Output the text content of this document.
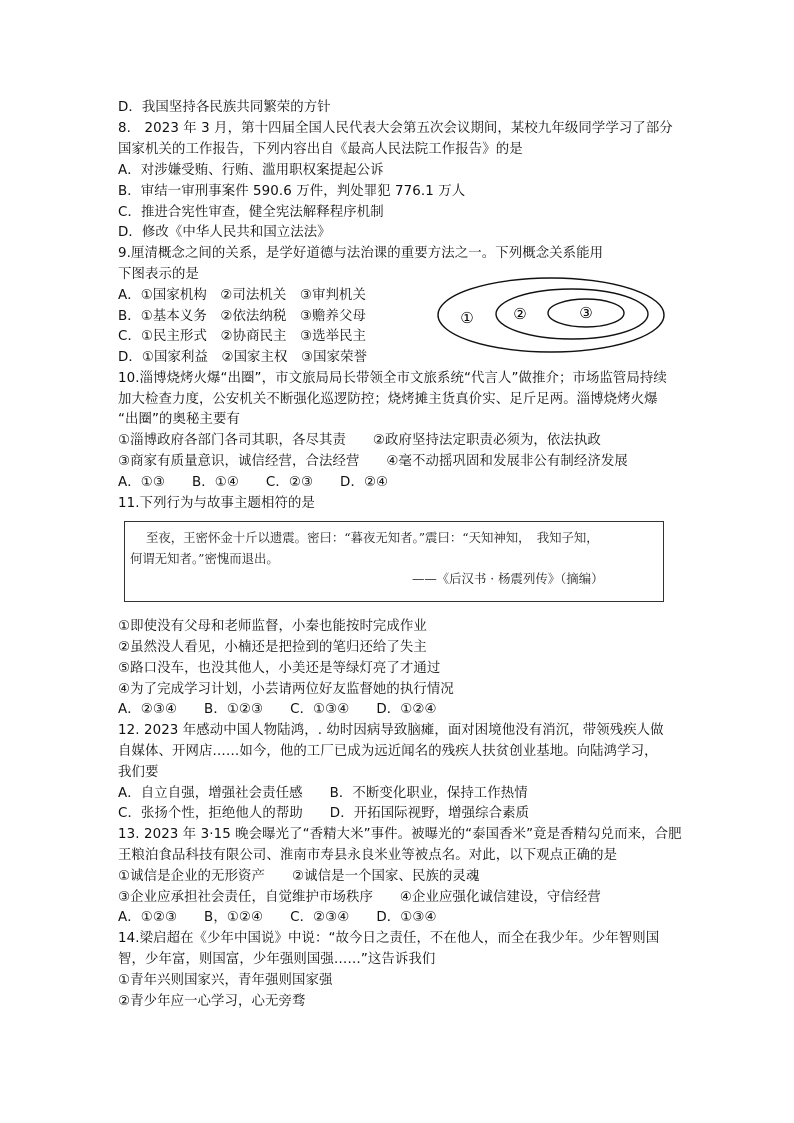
D．我国坚持各民族共同繁荣的方针
8.　2023 年 3 月，第十四届全国人民代表大会第五次会议期间，某校九年级同学学习了部分
国家机关的工作报告，下列内容出自《最高人民法院工作报告》的是
A．对涉嫌受贿、行贿、滥用职权案提起公诉
B．审结一审刑事案件 590.6 万件，判处罪犯 776.1 万人
C．推进合宪性审查，健全宪法解释程序机制
D．修改《中华人民共和国立法法》
9.厘清概念之间的关系，是学好道德与法治课的重要方法之一。下列概念关系能用
下图表示的是
A．①国家机构　②司法机关　③审判机关
B．①基本义务　②依法纳税　③赡养父母
C．①民主形式　②协商民主　③选举民主
D．①国家利益　②国家主权　③国家荣誉
①	②	③
10.淄博烧烤火爆“出圈”，市文旅局局长带领全市文旅系统“代言人”做推介；市场监管局持续
加大检查力度，公安机关不断强化巡逻防控；烧烤摊主货真价实、足斤足两。淄博烧烤火爆
“出圈”的奥秘主要有
①淄博政府各部门各司其职，各尽其责　　②政府坚持法定职责必须为，依法执政
③商家有质量意识，诚信经营，合法经营　　④毫不动摇巩固和发展非公有制经济发展
A．①③　　B．①④　　C．②③　　D．②④
11.下列行为与故事主题相符的是
至夜，王密怀金十斤以遗震。密曰：“暮夜无知者。”震曰：“天知神知，　我知子知，
何谓无知者。”密愧而退出。
——《后汉书 · 杨震列传》（摘编）
①即使没有父母和老师监督，小秦也能按时完成作业
②虽然没人看见，小楠还是把捡到的笔归还给了失主
⑤路口没车，也没其他人，小美还是等绿灯亮了才通过
④为了完成学习计划，小芸请两位好友监督她的执行情况
A．②③④　　B．①②③　　C．①③④　　D．①②④
12. 2023 年感动中国人物陆鸿，. 幼时因病导致脑瘫，面对困境他没有消沉，带领残疾人做
自媒体、开网店……如今，他的工厂已成为远近闻名的残疾人扶贫创业基地。向陆鸿学习，
我们要
A．自立自强，增强社会责任感　　B．不断变化职业，保持工作热情
C．张扬个性，拒绝他人的帮助　　D．开拓国际视野，增强综合素质
13. 2023 年 3·15 晚会曝光了“香精大米”事件。被曝光的“泰国香米”竟是香精勾兑而来，合肥
王粮泊食品科技有限公司、淮南市寿县永良米业等被点名。对此，以下观点正确的是
①诚信是企业的无形资产　　②诚信是一个国家、民族的灵魂
③企业应承担社会责任，自觉维护市场秩序　　④企业应强化诚信建设，守信经营
A．①②③　　B，①②④　　C．②③④　　D．①③④
14.梁启超在《少年中国说》中说：“故今日之责任，不在他人，而全在我少年。少年智则国
智，少年富，则国富，少年强则国强……”这告诉我们
①青年兴则国家兴，青年强则国家强
②青少年应一心学习，心无旁骛
